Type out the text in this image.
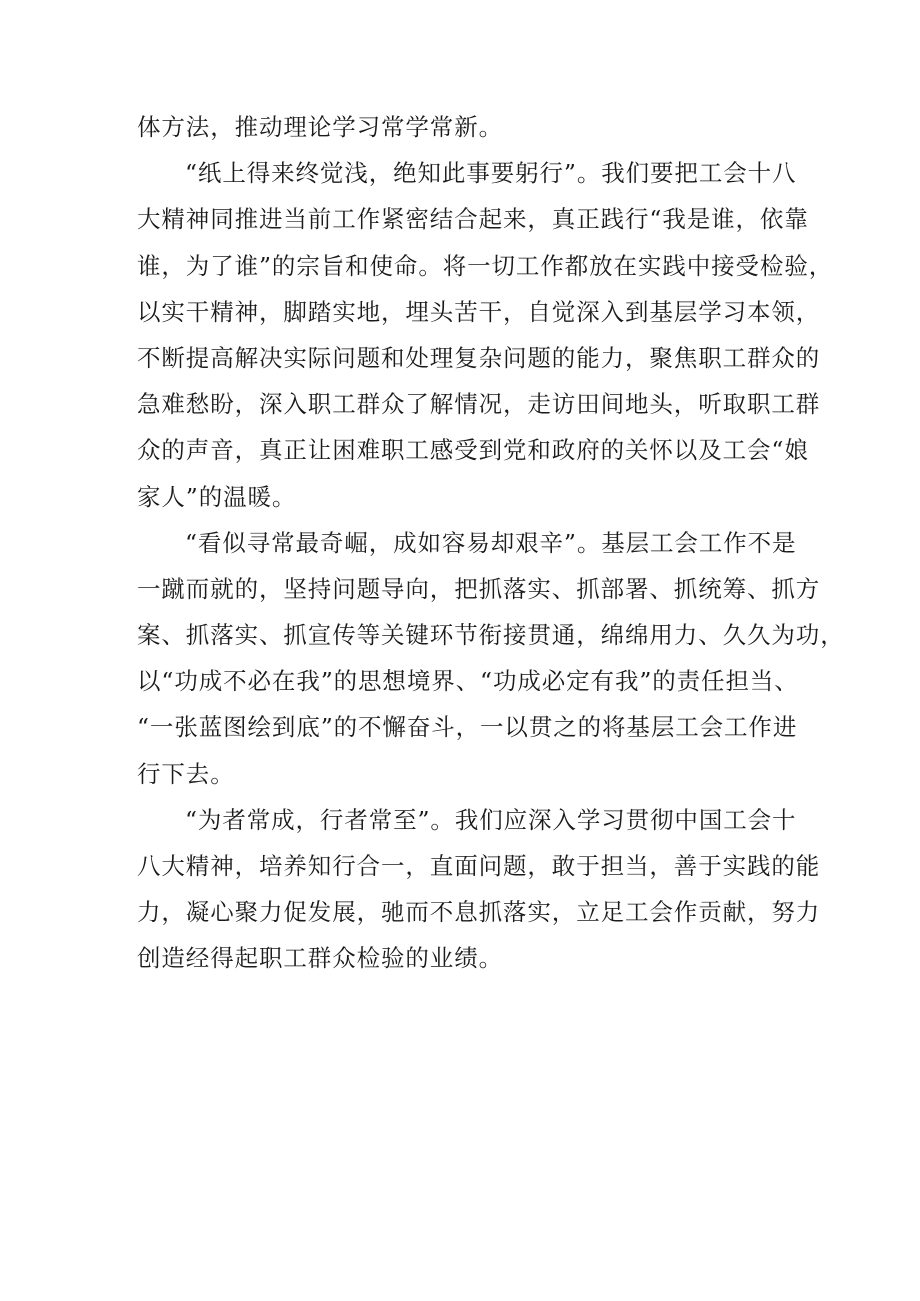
体方法，推动理论学习常学常新。
“纸上得来终觉浅，绝知此事要躬行”。我们要把工会十八
大精神同推进当前工作紧密结合起来，真正践行“我是谁，依靠
谁，为了谁”的宗旨和使命。将一切工作都放在实践中接受检验，
以实干精神，脚踏实地，埋头苦干，自觉深入到基层学习本领，
不断提高解决实际问题和处理复杂问题的能力，聚焦职工群众的
急难愁盼，深入职工群众了解情况，走访田间地头，听取职工群
众的声音，真正让困难职工感受到党和政府的关怀以及工会“娘
家人”的温暖。
“看似寻常最奇崛，成如容易却艰辛”。基层工会工作不是
一蹴而就的，坚持问题导向，把抓落实、抓部署、抓统筹、抓方
案、抓落实、抓宣传等关键环节衔接贯通，绵绵用力、久久为功，
以“功成不必在我”的思想境界、“功成必定有我”的责任担当、
“一张蓝图绘到底”的不懈奋斗，一以贯之的将基层工会工作进
行下去。
“为者常成，行者常至”。我们应深入学习贯彻中国工会十
八大精神，培养知行合一，直面问题，敢于担当，善于实践的能
力，凝心聚力促发展，驰而不息抓落实，立足工会作贡献，努力
创造经得起职工群众检验的业绩。
